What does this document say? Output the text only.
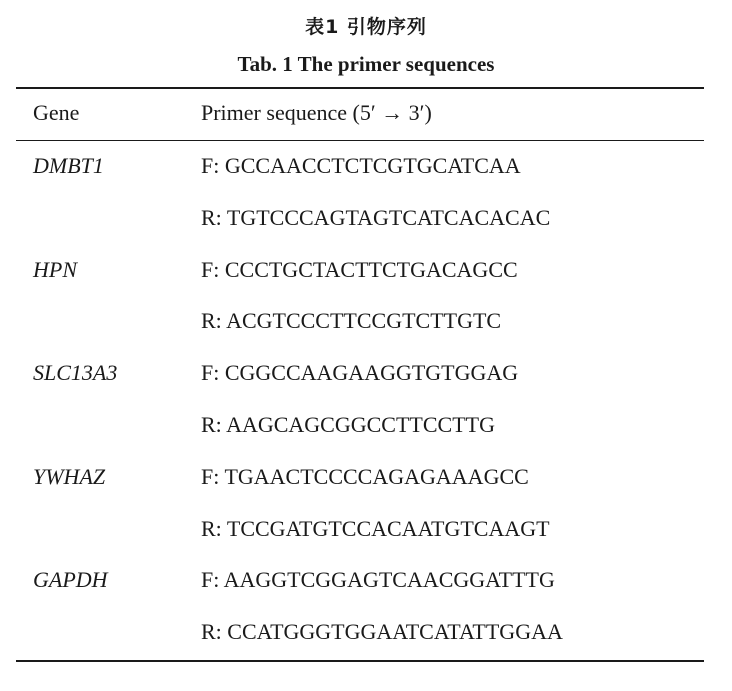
表1 引物序列
Tab. 1 The primer sequences
Gene	Primer sequence (5′ → 3′)
DMBT1	F: GCCAACCTCTCGTGCATCAA
R: TGTCCCAGTAGTCATCACACAC
HPN	F: CCCTGCTACTTCTGACAGCC
R: ACGTCCCTTCCGTCTTGTC
SLC13A3	F: CGGCCAAGAAGGTGTGGAG
R: AAGCAGCGGCCTTCCTTG
YWHAZ	F: TGAACTCCCCAGAGAAAGCC
R: TCCGATGTCCACAATGTCAAGT
GAPDH	F: AAGGTCGGAGTCAACGGATTTG
R: CCATGGGTGGAATCATATTGGAA
